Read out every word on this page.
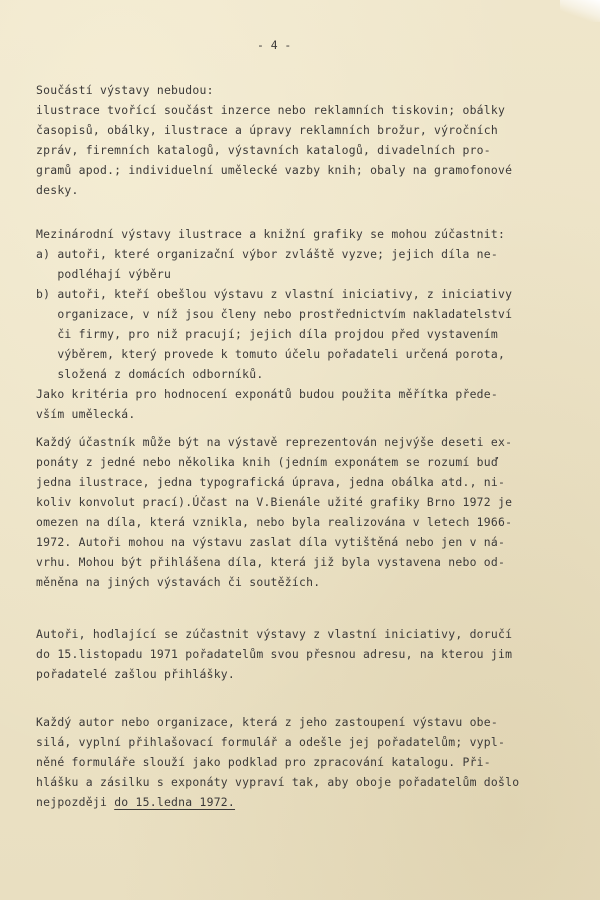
- 4 -
Součástí výstavy nebudou:
ilustrace tvořící součást inzerce nebo reklamních tiskovin; obálky
časopisů, obálky, ilustrace a úpravy reklamních brožur, výročních
zpráv, firemních katalogů, výstavních katalogů, divadelních pro-
gramů apod.; individuelní umělecké vazby knih; obaly na gramofonové
desky.
Mezinárodní výstavy ilustrace a knižní grafiky se mohou zúčastnit:
a) autoři, které organizační výbor zvláště vyzve; jejich díla ne-
podléhají výběru
b) autoři, kteří obešlou výstavu z vlastní iniciativy, z iniciativy
organizace, v níž jsou členy nebo prostřednictvím nakladatelství
či firmy, pro niž pracují; jejich díla projdou před vystavením
výběrem, který provede k tomuto účelu pořadateli určená porota,
složená z domácích odborníků.
Jako kritéria pro hodnocení exponátů budou použita měřítka přede-
vším umělecká.
Každý účastník může být na výstavě reprezentován nejvýše deseti ex-
ponáty z jedné nebo několika knih (jedním exponátem se rozumí buď
jedna ilustrace, jedna typografická úprava, jedna obálka atd., ni-
koliv konvolut prací).Účast na V.Bienále užité grafiky Brno 1972 je
omezen na díla, která vznikla, nebo byla realizována v letech 1966-
1972. Autoři mohou na výstavu zaslat díla vytištěná nebo jen v ná-
vrhu. Mohou být přihlášena díla, která již byla vystavena nebo od-
měněna na jiných výstavách či soutěžích.
Autoři, hodlající se zúčastnit výstavy z vlastní iniciativy, doručí
do 15.listopadu 1971 pořadatelům svou přesnou adresu, na kterou jim
pořadatelé zašlou přihlášky.
Každý autor nebo organizace, která z jeho zastoupení výstavu obe-
silá, vyplní přihlašovací formulář a odešle jej pořadatelům; vypl-
něné formuláře slouží jako podklad pro zpracování katalogu. Při-
hlášku a zásilku s exponáty vypraví tak, aby oboje pořadatelům došlo
nejpozději do 15.ledna 1972.
